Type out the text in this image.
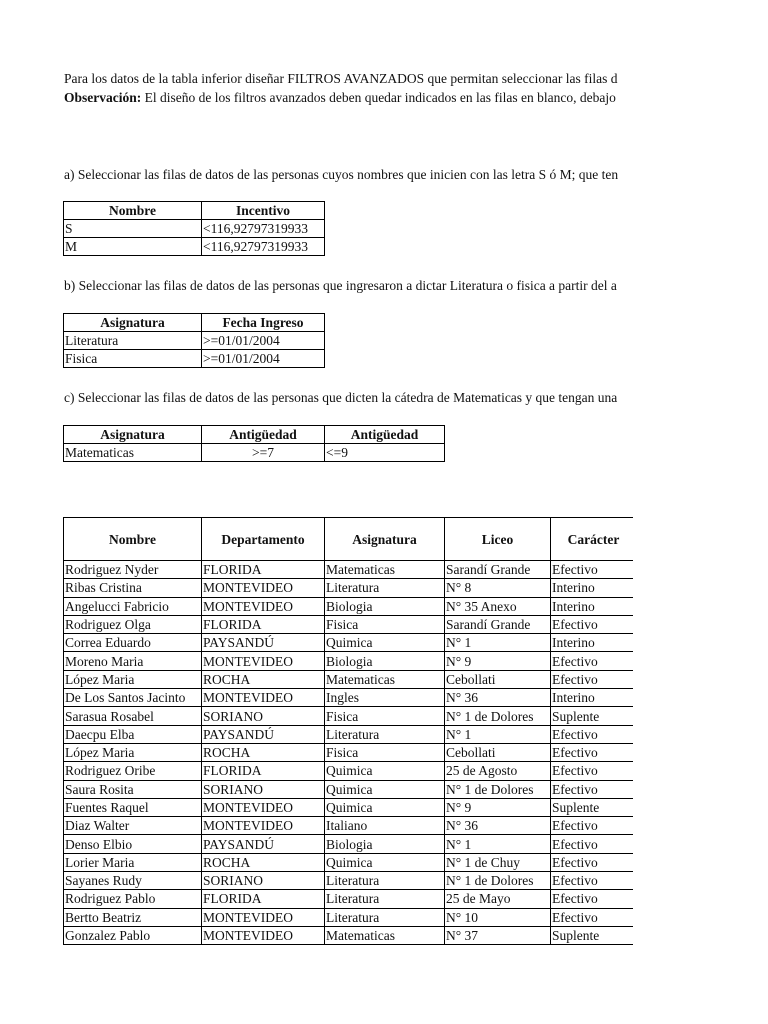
Para los datos de la tabla inferior diseñar FILTROS AVANZADOS que permitan seleccionar las filas d
Observación: El diseño de los filtros avanzados deben quedar indicados en las filas en blanco, debajo
a) Seleccionar las filas de datos de las personas cuyos nombres que inicien con las letra S ó M; que ten
Nombre	Incentivo
S	<116,92797319933
M	<116,92797319933
b) Seleccionar las filas de datos de las personas que ingresaron a dictar Literatura o fisica a partir del a
Asignatura	Fecha Ingreso
Literatura	>=01/01/2004
Fisica	>=01/01/2004
c) Seleccionar las filas de datos de las personas que dicten la cátedra de Matematicas y que tengan una
Asignatura	Antigüedad	Antigüedad
Matematicas	>=7	<=9
Nombre	Departamento	Asignatura	Liceo	Carácter
Rodriguez Nyder	FLORIDA	Matematicas	Sarandí Grande	Efectivo
Ribas Cristina	MONTEVIDEO	Literatura	N° 8	Interino
Angelucci Fabricio	MONTEVIDEO	Biologia	N° 35 Anexo	Interino
Rodriguez Olga	FLORIDA	Fisica	Sarandí Grande	Efectivo
Correa Eduardo	PAYSANDÚ	Quimica	N° 1	Interino
Moreno Maria	MONTEVIDEO	Biologia	N° 9	Efectivo
López Maria	ROCHA	Matematicas	Cebollati	Efectivo
De Los Santos Jacinto	MONTEVIDEO	Ingles	N° 36	Interino
Sarasua Rosabel	SORIANO	Fisica	N° 1 de Dolores	Suplente
Daecpu Elba	PAYSANDÚ	Literatura	N° 1	Efectivo
López Maria	ROCHA	Fisica	Cebollati	Efectivo
Rodriguez Oribe	FLORIDA	Quimica	25 de Agosto	Efectivo
Saura Rosita	SORIANO	Quimica	N° 1 de Dolores	Efectivo
Fuentes Raquel	MONTEVIDEO	Quimica	N° 9	Suplente
Diaz Walter	MONTEVIDEO	Italiano	N° 36	Efectivo
Denso Elbio	PAYSANDÚ	Biologia	N° 1	Efectivo
Lorier Maria	ROCHA	Quimica	N° 1 de Chuy	Efectivo
Sayanes Rudy	SORIANO	Literatura	N° 1 de Dolores	Efectivo
Rodriguez Pablo	FLORIDA	Literatura	25 de Mayo	Efectivo
Bertto Beatriz	MONTEVIDEO	Literatura	N° 10	Efectivo
Gonzalez Pablo	MONTEVIDEO	Matematicas	N° 37	Suplente
